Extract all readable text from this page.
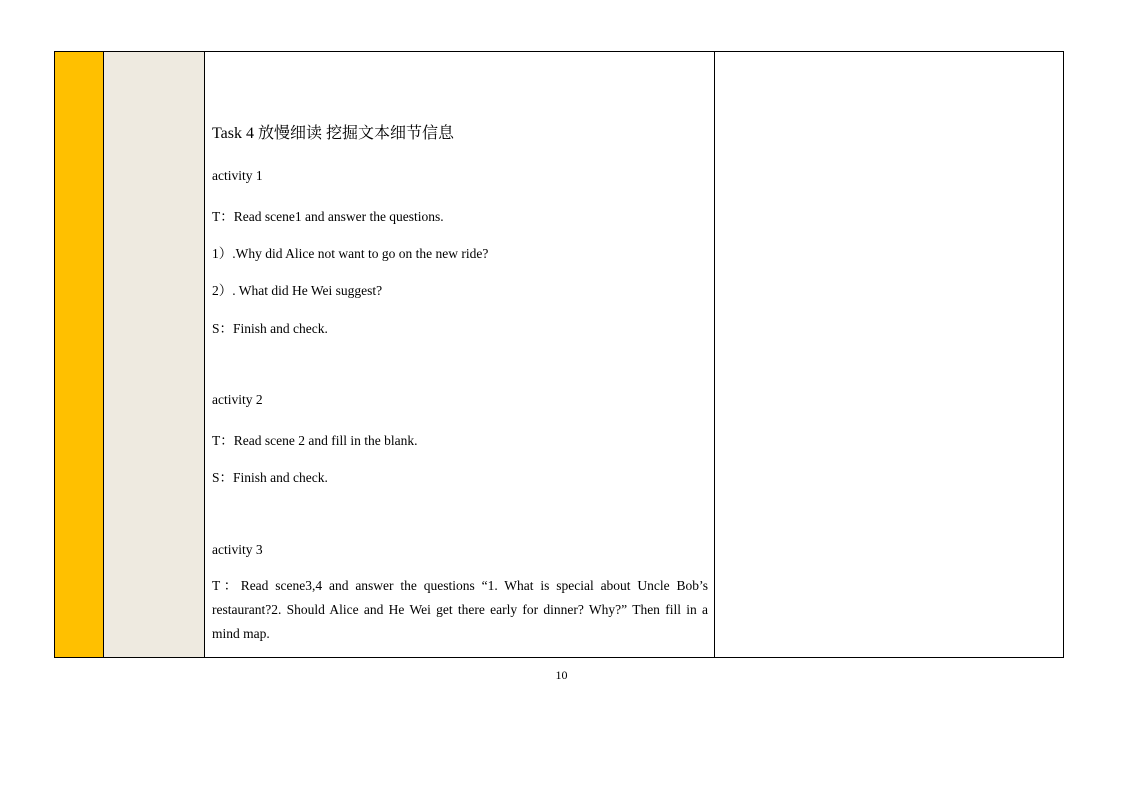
Task 4 放慢细读 挖掘文本细节信息
activity 1
T：Read scene1 and answer the questions.
1）.Why did Alice not want to go on the new ride?
2）. What did He Wei suggest?
S：Finish and check.
activity 2
T：Read scene 2 and fill in the blank.
S：Finish and check.
activity 3
T：Read scene3,4 and answer the questions “1. What is special about Uncle Bob’s restaurant?2. Should Alice and He Wei get there early for dinner? Why?” Then fill in a mind map.
10
